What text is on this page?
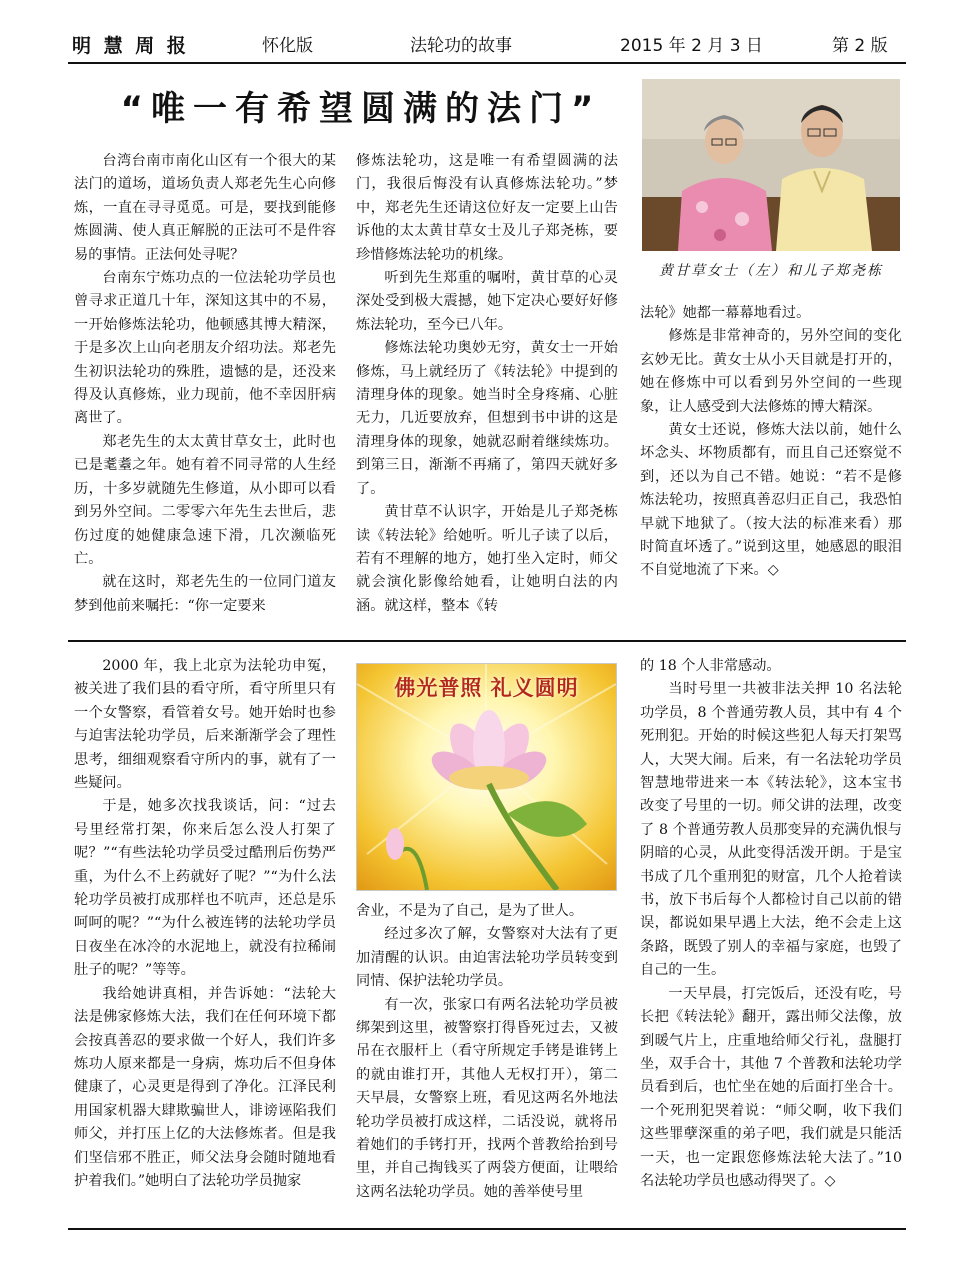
明 慧 周 报	怀化版	法轮功的故事	2015 年 2 月 3 日	第 2 版
“唯一有希望圆满的法门”

台湾台南市南化山区有一个很大的某法门的道场，道场负责人郑老先生心向修炼，一直在寻寻觅觅。可是，要找到能修炼圆满、使人真正解脱的正法可不是件容易的事情。正法何处寻呢？

台南东宁炼功点的一位法轮功学员也曾寻求正道几十年，深知这其中的不易，一开始修炼法轮功，他顿感其博大精深，于是多次上山向老朋友介绍功法。郑老先生初识法轮功的殊胜，遗憾的是，还没来得及认真修炼，业力现前，他不幸因肝病离世了。

郑老先生的太太黄甘草女士，此时也已是耄耋之年。她有着不同寻常的人生经历，十多岁就随先生修道，从小即可以看到另外空间。二零零六年先生去世后，悲伤过度的她健康急速下滑，几次濒临死亡。

就在这时，郑老先生的一位同门道友梦到他前来嘱托：“你一定要来

修炼法轮功，这是唯一有希望圆满的法门，我很后悔没有认真修炼法轮功。”梦中，郑老先生还请这位好友一定要上山告诉他的太太黄甘草女士及儿子郑尧栋，要珍惜修炼法轮功的机缘。

听到先生郑重的嘱咐，黄甘草的心灵深处受到极大震撼，她下定决心要好好修炼法轮功，至今已八年。

修炼法轮功奥妙无穷，黄女士一开始修炼，马上就经历了《转法轮》中提到的清理身体的现象。她当时全身疼痛、心脏无力，几近要放弃，但想到书中讲的这是清理身体的现象，她就忍耐着继续炼功。到第三日，渐渐不再痛了，第四天就好多了。

黄甘草不认识字，开始是儿子郑尧栋读《转法轮》给她听。听儿子读了以后，若有不理解的地方，她打坐入定时，师父就会演化影像给她看，让她明白法的内涵。就这样，整本《转

黄甘草女士（左）和儿子郑尧栋

法轮》她都一幕幕地看过。

修炼是非常神奇的，另外空间的变化玄妙无比。黄女士从小天目就是打开的，她在修炼中可以看到另外空间的一些现象，让人感受到大法修炼的博大精深。

黄女士还说，修炼大法以前，她什么坏念头、坏物质都有，而且自己还察觉不到，还以为自己不错。她说：“若不是修炼法轮功，按照真善忍归正自己，我恐怕早就下地狱了。（按大法的标准来看）那时简直坏透了。”说到这里，她感恩的眼泪不自觉地流了下来。◇

2000 年，我上北京为法轮功申冤，被关进了我们县的看守所，看守所里只有一个女警察，看管着女号。她开始时也参与迫害法轮功学员，后来渐渐学会了理性思考，细细观察看守所内的事，就有了一些疑问。

于是，她多次找我谈话，问：“过去号里经常打架，你来后怎么没人打架了呢？”“有些法轮功学员受过酷刑后伤势严重，为什么不上药就好了呢？”“为什么法轮功学员被打成那样也不吭声，还总是乐呵呵的呢？”“为什么被连铐的法轮功学员日夜坐在冰冷的水泥地上，就没有拉稀闹肚子的呢？”等等。

我给她讲真相，并告诉她：“法轮大法是佛家修炼大法，我们在任何环境下都会按真善忍的要求做一个好人，我们许多炼功人原来都是一身病，炼功后不但身体健康了，心灵更是得到了净化。江泽民利用国家机器大肆欺骗世人，诽谤诬陷我们师父，并打压上亿的大法修炼者。但是我们坚信邪不胜正，师父法身会随时随地看护着我们。”她明白了法轮功学员抛家

佛光普照 礼义圆明

舍业，不是为了自己，是为了世人。

经过多次了解，女警察对大法有了更加清醒的认识。由迫害法轮功学员转变到同情、保护法轮功学员。

有一次，张家口有两名法轮功学员被绑架到这里，被警察打得昏死过去，又被吊在衣服杆上（看守所规定手铐是谁铐上的就由谁打开，其他人无权打开），第二天早晨，女警察上班，看见这两名外地法轮功学员被打成这样，二话没说，就将吊着她们的手铐打开，找两个普教给抬到号里，并自己掏钱买了两袋方便面，让喂给这两名法轮功学员。她的善举使号里

的 18 个人非常感动。

当时号里一共被非法关押 10 名法轮功学员，8 个普通劳教人员，其中有 4 个死刑犯。开始的时候这些犯人每天打架骂人，大哭大闹。后来，有一名法轮功学员智慧地带进来一本《转法轮》，这本宝书改变了号里的一切。师父讲的法理，改变了 8 个普通劳教人员那变异的充满仇恨与阴暗的心灵，从此变得活泼开朗。于是宝书成了几个重刑犯的财富，几个人抢着读书，放下书后每个人都检讨自己以前的错误，都说如果早遇上大法，绝不会走上这条路，既毁了别人的幸福与家庭，也毁了自己的一生。

一天早晨，打完饭后，还没有吃，号长把《转法轮》翻开，露出师父法像，放到暖气片上，庄重地给师父行礼，盘腿打坐，双手合十，其他 7 个普教和法轮功学员看到后，也忙坐在她的后面打坐合十。一个死刑犯哭着说：“师父啊，收下我们这些罪孽深重的弟子吧，我们就是只能活一天，也一定跟您修炼法轮大法了。”10 名法轮功学员也感动得哭了。◇
